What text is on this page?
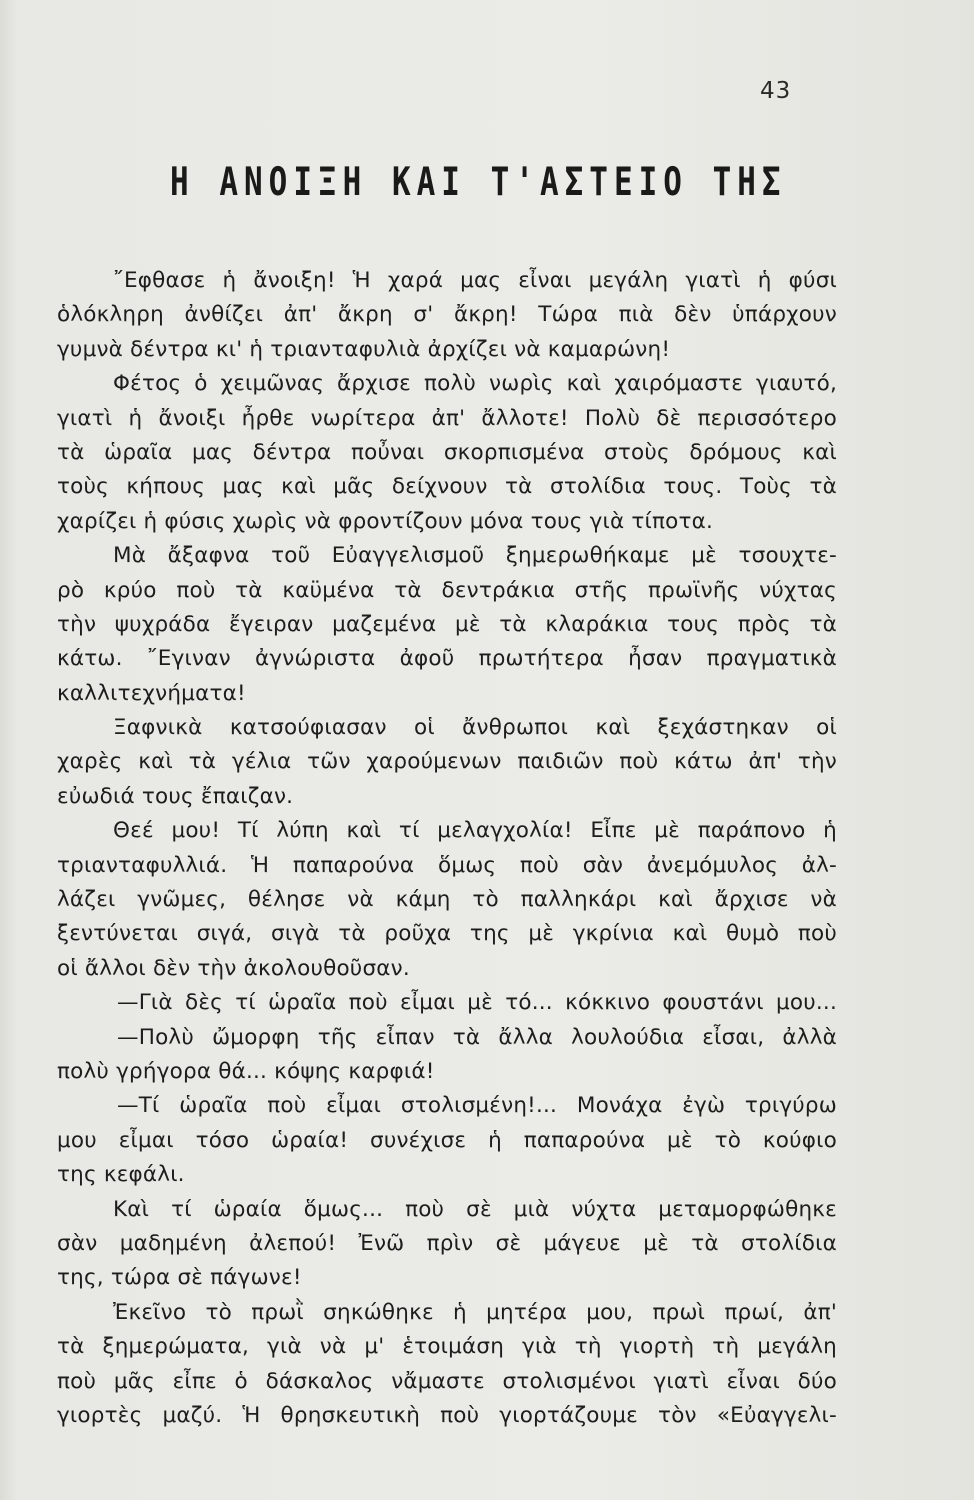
43
Η ΑΝΟΙΞΗ ΚΑΙ Τ'ΑΣΤΕΙΟ ΤΗΣ
῎Εφθασε ἡ ἄνοιξη! Ἡ χαρά μας εἶναι μεγάλη γιατὶ ἡ φύσι
ὁλόκληρη ἀνθίζει ἀπ' ἄκρη σ' ἄκρη! Τώρα πιὰ δὲν ὑπάρχουν
γυμνὰ δέντρα κι' ἡ τριανταφυλιὰ ἀρχίζει νὰ καμαρώνη!
Φέτος ὁ χειμῶνας ἄρχισε πολὺ νωρὶς καὶ χαιρόμαστε γιαυτό,
γιατὶ ἡ ἄνοιξι ἦρθε νωρίτερα ἀπ' ἄλλοτε! Πολὺ δὲ περισσότερο
τὰ ὡραῖα μας δέντρα ποὖναι σκορπισμένα στοὺς δρόμους καὶ
τοὺς κήπους μας καὶ μᾶς δείχνουν τὰ στολίδια τους. Τοὺς τὰ
χαρίζει ἡ φύσις χωρὶς νὰ φροντίζουν μόνα τους γιὰ τίποτα.
Μὰ ἄξαφνα τοῦ Εὐαγγελισμοῦ ξημερωθήκαμε μὲ τσουχτε-
ρὸ κρύο ποὺ τὰ καϋμένα τὰ δεντράκια στῆς πρωϊνῆς νύχτας
τὴν ψυχράδα ἔγειραν μαζεμένα μὲ τὰ κλαράκια τους πρὸς τὰ
κάτω. ῎Εγιναν ἀγνώριστα ἀφοῦ πρωτήτερα ἦσαν πραγματικὰ
καλλιτεχνήματα!
Ξαφνικὰ κατσούφιασαν οἱ ἄνθρωποι καὶ ξεχάστηκαν οἱ
χαρὲς καὶ τὰ γέλια τῶν χαρούμενων παιδιῶν ποὺ κάτω ἀπ' τὴν
εὐωδιά τους ἔπαιζαν.
Θεέ μου! Τί λύπη καὶ τί μελαγχολία! Εἶπε μὲ παράπονο ἡ
τριανταφυλλιά. Ἡ παπαρούνα ὅμως ποὺ σὰν ἀνεμόμυλος ἀλ-
λάζει γνῶμες, θέλησε νὰ κάμη τὸ παλληκάρι καὶ ἄρχισε νὰ
ξεντύνεται σιγά, σιγὰ τὰ ροῦχα της μὲ γκρίνια καὶ θυμὸ ποὺ
οἱ ἄλλοι δὲν τὴν ἀκολουθοῦσαν.
—Γιὰ δὲς τί ὡραῖα ποὺ εἶμαι μὲ τό... κόκκινο φουστάνι μου...
—Πολὺ ὤμορφη τῆς εἶπαν τὰ ἄλλα λουλούδια εἶσαι, ἀλλὰ
πολὺ γρήγορα θά... κόψης καρφιά!
—Τί ὡραῖα ποὺ εἶμαι στολισμένη!... Μονάχα ἐγὼ τριγύρω
μου εἶμαι τόσο ὡραία! συνέχισε ἡ παπαρούνα μὲ τὸ κούφιο
της κεφάλι.
Καὶ τί ὡραία ὅμως... ποὺ σὲ μιὰ νύχτα μεταμορφώθηκε
σὰν μαδημένη ἀλεπού! Ἐνῶ πρὶν σὲ μάγευε μὲ τὰ στολίδια
της, τώρα σὲ πάγωνε!
Ἐκεῖνο τὸ πρωῒ σηκώθηκε ἡ μητέρα μου, πρωὶ πρωί, ἀπ'
τὰ ξημερώματα, γιὰ νὰ μ' ἑτοιμάση γιὰ τὴ γιορτὴ τὴ μεγάλη
ποὺ μᾶς εἶπε ὁ δάσκαλος νἄμαστε στολισμένοι γιατὶ εἶναι δύο
γιορτὲς μαζύ. Ἡ θρησκευτικὴ ποὺ γιορτάζουμε τὸν «Εὐαγγελι-
